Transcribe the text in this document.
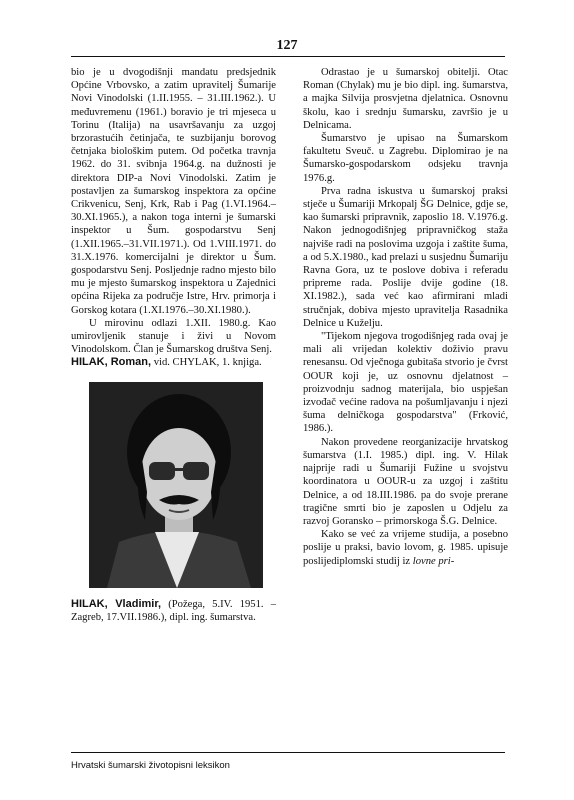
127

bio je u dvogodišnji mandatu predsjednik Općine Vrbovsko, a zatim upravitelj Šumarije Novi Vinodolski (1.II.1955. – 31.III.1962.). U međuvremenu (1961.) boravio je tri mjeseca u Torinu (Italija) na usavršavanju za uzgoj brzorastućih četinjača, te suzbijanju borovog četnjaka biološkim putem. Od početka travnja 1962. do 31. svibnja 1964.g. na dužnosti je direktora DIP-a Novi Vinodolski. Zatim je postavljen za šumarskog inspektora za općine Crikvenicu, Senj, Krk, Rab i Pag (1.VI.1964.–30.XI.1965.), a nakon toga interni je šumarski inspektor u Šum. gospodarstvu Senj (1.XII.1965.–31.VII.1971.). Od 1.VIII.1971. do 31.X.1976. komercijalni je direktor u Šum. gospodarstvu Senj. Posljednje radno mjesto bilo mu je mjesto šumarskog inspektora u Zajednici općina Rijeka za područje Istre, Hrv. primorja i Gorskog kotara (1.XI.1976.–30.XI.1980.).

U mirovinu odlazi 1.XII. 1980.g. Kao umirovljenik stanuje i živi u Novom Vinodolskom. Član je Šumarskog društva Senj.

HILAK, Roman, vid. CHYLAK, 1. knjiga.

HILAK, Vladimir, (Požega, 5.IV. 1951. – Zagreb, 17.VII.1986.), dipl. ing. šumarstva.

Odrastao je u šumarskoj obitelji. Otac Roman (Chylak) mu je bio dipl. ing. šumarstva, a majka Silvija prosvjetna djelatnica. Osnovnu školu, kao i srednju šumarsku, završio je u Delnicama.

Šumarstvo je upisao na Šumarskom fakultetu Sveuč. u Zagrebu. Diplomirao je na Šumarsko-gospodarskom odsjeku travnja 1976.g.

Prva radna iskustva u šumarskoj praksi stječe u Šumariji Mrkopalj ŠG Delnice, gdje se, kao šumarski pripravnik, zaposlio 18. V.1976.g. Nakon jednogodišnjeg pripravničkog staža najviše radi na poslovima uzgoja i zaštite šuma, a od 5.X.1980., kad prelazi u susjednu Šumariju Ravna Gora, uz te poslove dobiva i referadu pripreme rada. Poslije dvije godine (18. XI.1982.), sada već kao afirmirani mladi stručnjak, dobiva mjesto upravitelja Rasadnika Delnice u Kuželju.

"Tijekom njegova trogodišnjeg rada ovaj je mali ali vrijedan kolektiv doživio pravu renesansu. Od vječnoga gubitaša stvorio je čvrst OOUR koji je, uz osnovnu djelatnost – proizvodnju sadnog materijala, bio uspješan izvođač većine radova na pošumljavanju i njezi šuma delničkoga gospodarstva" (Frković, 1986.).

Nakon provedene reorganizacije hrvatskog šumarstva (1.I. 1985.) dipl. ing. V. Hilak najprije radi u Šumariji Fužine u svojstvu koordinatora u OOUR-u za uzgoj i zaštitu Delnice, a od 18.III.1986. pa do svoje prerane tragične smrti bio je zaposlen u Odjelu za razvoj Goransko – primorskoga Š.G. Delnice.

Kako se već za vrijeme studija, a posebno poslije u praksi, bavio lovom, g. 1985. upisuje poslijediplomski studij iz lovne pri-

Hrvatski šumarski životopisni leksikon
